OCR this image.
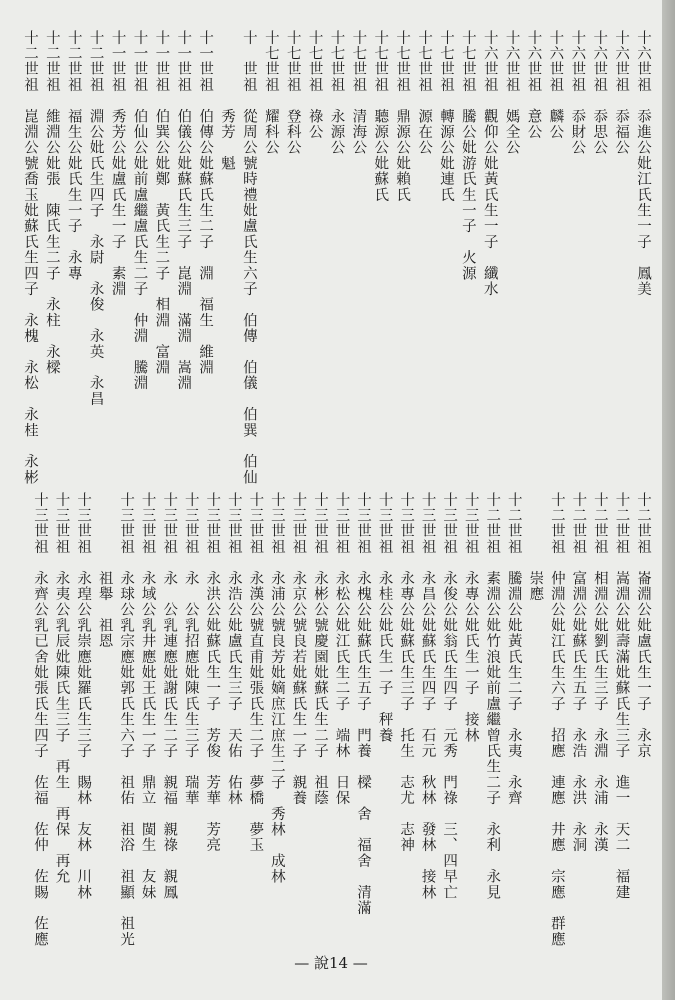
十六世祖　忝進公妣江氏生一子　鳳美
十六世祖　忝福公
十六世祖　忝思公
十六世祖　忝財公
十六世祖　麟公
十六世祖　意公
十六世祖　媽全公
十六世祖　觀仰公妣黃氏生一子　纖水
十七世祖　騰公妣游氏生一子　火源
十七世祖　轉源公妣連氏
十七世祖　源在公
十七世祖　鼎源公妣賴氏
十七世祖　聽源公妣蘇氏
十七世祖　清海公
十七世祖　永源公
十七世祖　祿公
十七世祖　登科公
十七世祖　耀科公
十　世祖　從周公號時禮妣盧氏生六子　伯傳　伯儀　伯巽　伯仙
　　　　　秀芳　魁
十一世祖　伯傳公妣蘇氏生二子　淵　福生　維淵
十一世祖　伯儀公妣蘇氏生三子　崑淵　滿淵　嵩淵
十一世祖　伯巽公妣鄭　黃氏生二子　相淵　富淵
十一世祖　伯仙公妣前盧繼盧氏生二子　仲淵　騰淵
十一世祖　秀芳公妣盧氏生一子　素淵
十二世祖　淵公妣氏生四子　永尉　永俊　永英　永昌
十二世祖　福生公妣氏生一子　永專
十二世祖　維淵公妣張　陳氏生二子　永柱　永樑
十二世祖　崑淵公號喬玉妣蘇氏生四子　永槐　永松　永桂　永彬
十二世祖　崙淵公妣盧氏生一子　永京
十二世祖　嵩淵公妣壽滿妣蘇氏生三子　進一　天二　福建
十二世祖　相淵公妣劉氏生三子　永淵　永浦　永漢
十二世祖　富淵公妣蘇氏生五子　永浩　永洪　永洞
十二世祖　仲淵公妣江氏生六子　招應　連應　井應　宗應　群應
　　　　　崇應
十二世祖　騰淵公妣黃氏生二子　永夷　永齊
十二世祖　素淵公妣竹浪妣前盧繼曾氏生二子　永利　永見
十三世祖　永專公妣氏生一子　接林
十三世祖　永俊公妣翁氏生四子　元秀　門祿　三、四早亡
十三世祖　永昌公妣蘇氏生四子　石元　秋林　發林　接林
十三世祖　永專公妣蘇氏生三子　托生　志尤　志神
十三世祖　永桂公妣氏生一子　秤養
十三世祖　永槐公妣蘇氏生五子　門養　樑　舍　福舍　清滿
十三世祖　永松公妣江氏生二子　端林　日保
十三世祖　永彬公號慶園妣蘇氏生二子　祖蔭
十三世祖　永京公號良若妣蘇氏生一子　親養
十三世祖　永浦公號良芳妣嫡庶江庶生二子　秀林　成林
十三世祖　永漢公號直甫妣張氏生二子　夢橋　夢玉
十三世祖　永浩公妣盧氏生三子　天佑　佑林
十三世祖　永洪公妣蘇氏生一子　芳俊　芳華　芳亮
十三世祖　永　公乳招應妣陳氏生三子　瑞華
十三世祖　永　公乳連應妣謝氏生二子　親福　親祿　親鳳
十三世祖　永域公乳井應妣王氏生一子　鼎立　閩生　友妹
十三世祖　永球公乳宗應妣郭氏生六子　祖佑　祖浴　祖顯　祖光
　　　　　祖舉　祖恩
十三世祖　永瑝公乳崇應妣羅氏生三子　賜林　友林　川林
十三世祖　永夷公乳辰妣陳氏生三子　再生　再保　再允
十三世祖　永齊公乳已舍妣張氏生四子　佐福　佐仲　佐賜　佐應
— 說14 —
